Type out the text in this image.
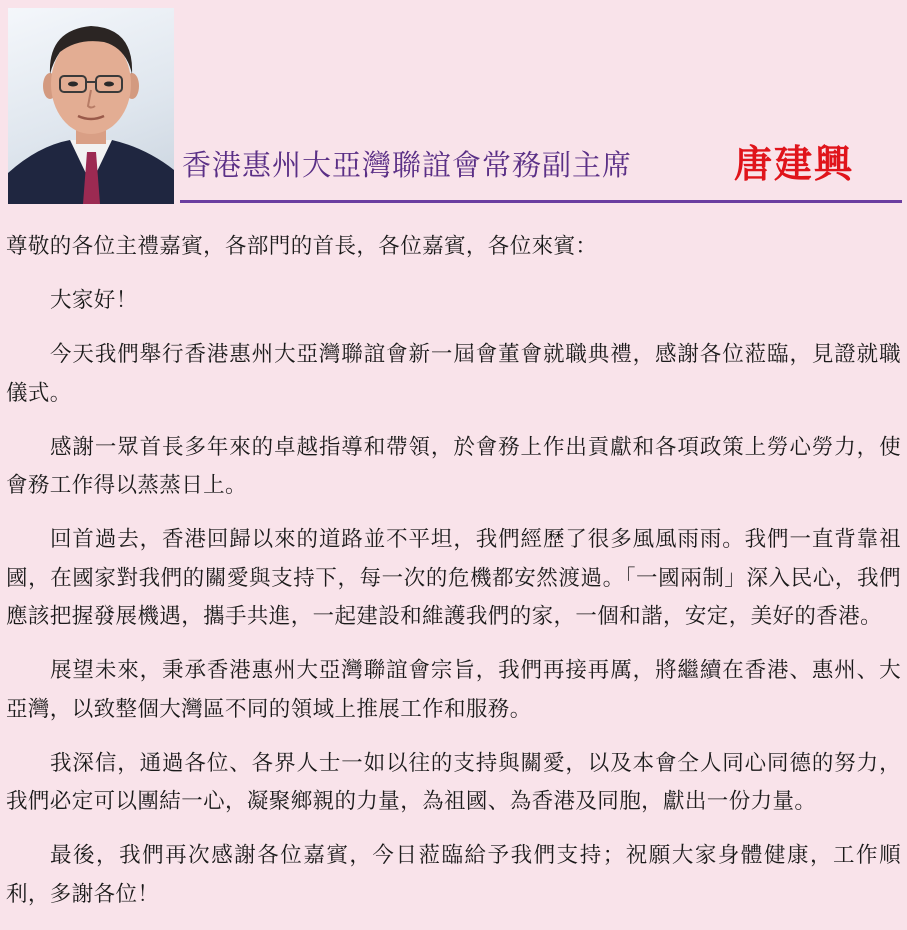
香港惠州大亞灣聯誼會常務副主席	唐建興

尊敬的各位主禮嘉賓，各部門的首長，各位嘉賓，各位來賓：

大家好！

今天我們舉行香港惠州大亞灣聯誼會新一屆會董會就職典禮，感謝各位蒞臨，見證就職儀式。

感謝一眾首長多年來的卓越指導和帶領，於會務上作出貢獻和各項政策上勞心勞力，使會務工作得以蒸蒸日上。

回首過去，香港回歸以來的道路並不平坦，我們經歷了很多風風雨雨。我們一直背靠祖國，在國家對我們的關愛與支持下，每一次的危機都安然渡過。「一國兩制」深入民心，我們應該把握發展機遇，攜手共進，一起建設和維護我們的家，一個和諧，安定，美好的香港。

展望未來，秉承香港惠州大亞灣聯誼會宗旨，我們再接再厲，將繼續在香港、惠州、大亞灣，以致整個大灣區不同的領域上推展工作和服務。

我深信，通過各位、各界人士一如以往的支持與關愛，以及本會仝人同心同德的努力，我們必定可以團結一心，凝聚鄉親的力量，為祖國、為香港及同胞，獻出一份力量。

最後，我們再次感謝各位嘉賓，今日蒞臨給予我們支持；祝願大家身體健康，工作順利，多謝各位！
